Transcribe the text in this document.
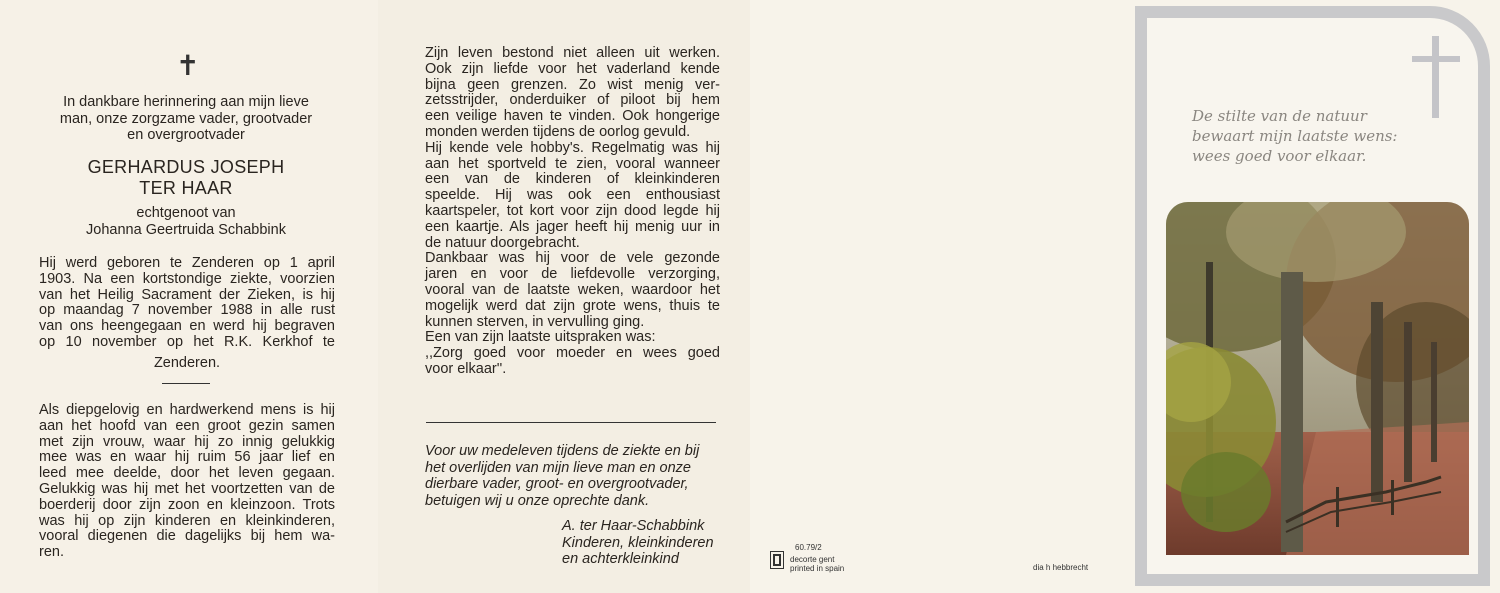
✝
In dankbare herinnering aan mijn lieve
man, onze zorgzame vader, grootvader
en overgrootvader
GERHARDUS JOSEPH
TER HAAR
echtgenoot van
Johanna Geertruida Schabbink
Hij werd geboren te Zenderen op 1 april
1903. Na een kortstondige ziekte, voorzien
van het Heilig Sacrament der Zieken, is hij
op maandag 7 november 1988 in alle rust
van ons heengegaan en werd hij begraven
op 10 november op het R.K. Kerkhof te
Zenderen.
Als diepgelovig en hardwerkend mens is hij
aan het hoofd van een groot gezin samen
met zijn vrouw, waar hij zo innig gelukkig
mee was en waar hij ruim 56 jaar lief en
leed mee deelde, door het leven gegaan.
Gelukkig was hij met het voortzetten van de
boerderij door zijn zoon en kleinzoon. Trots
was hij op zijn kinderen en kleinkinderen,
vooral diegenen die dagelijks bij hem wa-
ren.
Zijn leven bestond niet alleen uit werken.
Ook zijn liefde voor het vaderland kende
bijna geen grenzen. Zo wist menig ver-
zetsstrijder, onderduiker of piloot bij hem
een veilige haven te vinden. Ook hongerige
monden werden tijdens de oorlog gevuld.
Hij kende vele hobby's. Regelmatig was hij
aan het sportveld te zien, vooral wanneer
een van de kinderen of kleinkinderen
speelde. Hij was ook een enthousiast
kaartspeler, tot kort voor zijn dood legde hij
een kaartje. Als jager heeft hij menig uur in
de natuur doorgebracht.
Dankbaar was hij voor de vele gezonde
jaren en voor de liefdevolle verzorging,
vooral van de laatste weken, waardoor het
mogelijk werd dat zijn grote wens, thuis te
kunnen sterven, in vervulling ging.
Een van zijn laatste uitspraken was:
,,Zorg goed voor moeder en wees goed
voor elkaar''.
Voor uw medeleven tijdens de ziekte en bij
het overlijden van mijn lieve man en onze
dierbare vader, groot- en overgrootvader,
betuigen wij u onze oprechte dank.
A. ter Haar-Schabbink
Kinderen, kleinkinderen
en achterkleinkind
60.79/2
decorte gent
printed in spain	dia h hebbrecht
De stilte van de natuur
bewaart mijn laatste wens:
wees goed voor elkaar.
